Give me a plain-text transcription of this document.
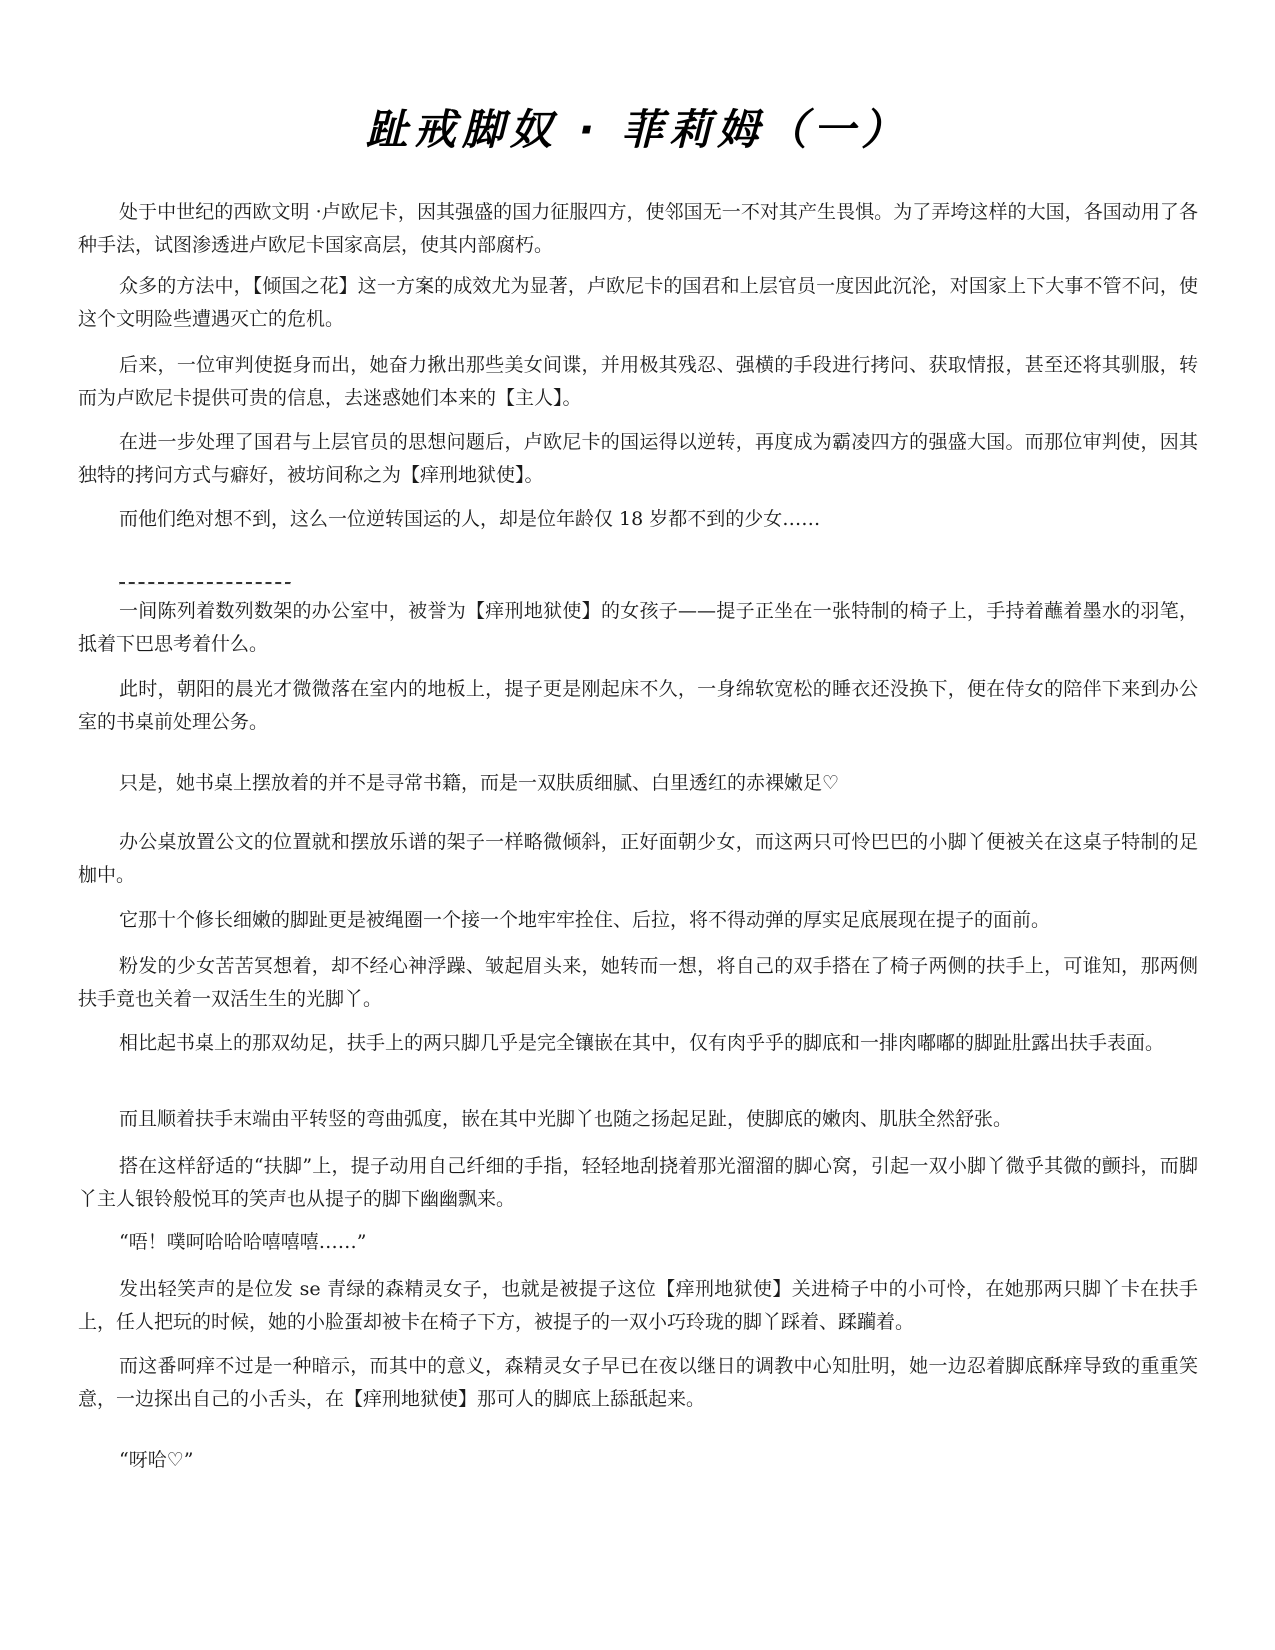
趾戒脚奴 · 菲莉姆（一）

处于中世纪的西欧文明 ·卢欧尼卡，因其强盛的国力征服四方，使邻国无一不对其产生畏惧。为了弄垮这样的大国，各国动用了各种手法，试图渗透进卢欧尼卡国家高层，使其内部腐朽。

众多的方法中，【倾国之花】这一方案的成效尤为显著，卢欧尼卡的国君和上层官员一度因此沉沦，对国家上下大事不管不问，使这个文明险些遭遇灭亡的危机。

后来，一位审判使挺身而出，她奋力揪出那些美女间谍，并用极其残忍、强横的手段进行拷问、获取情报，甚至还将其驯服，转而为卢欧尼卡提供可贵的信息，去迷惑她们本来的【主人】。

在进一步处理了国君与上层官员的思想问题后，卢欧尼卡的国运得以逆转，再度成为霸凌四方的强盛大国。而那位审判使，因其独特的拷问方式与癖好，被坊间称之为【痒刑地狱使】。

而他们绝对想不到，这么一位逆转国运的人，却是位年龄仅 18 岁都不到的少女……

一间陈列着数列数架的办公室中，被誉为【痒刑地狱使】的女孩子——提子正坐在一张特制的椅子上，手持着蘸着墨水的羽笔，抵着下巴思考着什么。

此时，朝阳的晨光才微微落在室内的地板上，提子更是刚起床不久，一身绵软宽松的睡衣还没换下，便在侍女的陪伴下来到办公室的书桌前处理公务。

只是，她书桌上摆放着的并不是寻常书籍，而是一双肤质细腻、白里透红的赤裸嫩足♡

办公桌放置公文的位置就和摆放乐谱的架子一样略微倾斜，正好面朝少女，而这两只可怜巴巴的小脚丫便被关在这桌子特制的足枷中。

它那十个修长细嫩的脚趾更是被绳圈一个接一个地牢牢拴住、后拉，将不得动弹的厚实足底展现在提子的面前。

粉发的少女苦苦冥想着，却不经心神浮躁、皱起眉头来，她转而一想，将自己的双手搭在了椅子两侧的扶手上，可谁知，那两侧扶手竟也关着一双活生生的光脚丫。

相比起书桌上的那双幼足，扶手上的两只脚几乎是完全镶嵌在其中，仅有肉乎乎的脚底和一排肉嘟嘟的脚趾肚露出扶手表面。

而且顺着扶手末端由平转竖的弯曲弧度，嵌在其中光脚丫也随之扬起足趾，使脚底的嫩肉、肌肤全然舒张。

搭在这样舒适的“扶脚”上，提子动用自己纤细的手指，轻轻地刮挠着那光溜溜的脚心窝，引起一双小脚丫微乎其微的颤抖，而脚丫主人银铃般悦耳的笑声也从提子的脚下幽幽飘来。

“唔！噗呵哈哈哈嘻嘻嘻……”

发出轻笑声的是位发 se 青绿的森精灵女子，也就是被提子这位【痒刑地狱使】关进椅子中的小可怜，在她那两只脚丫卡在扶手上，任人把玩的时候，她的小脸蛋却被卡在椅子下方，被提子的一双小巧玲珑的脚丫踩着、蹂躏着。

而这番呵痒不过是一种暗示，而其中的意义，森精灵女子早已在夜以继日的调教中心知肚明，她一边忍着脚底酥痒导致的重重笑意，一边探出自己的小舌头，在【痒刑地狱使】那可人的脚底上舔舐起来。

“呀哈♡”
